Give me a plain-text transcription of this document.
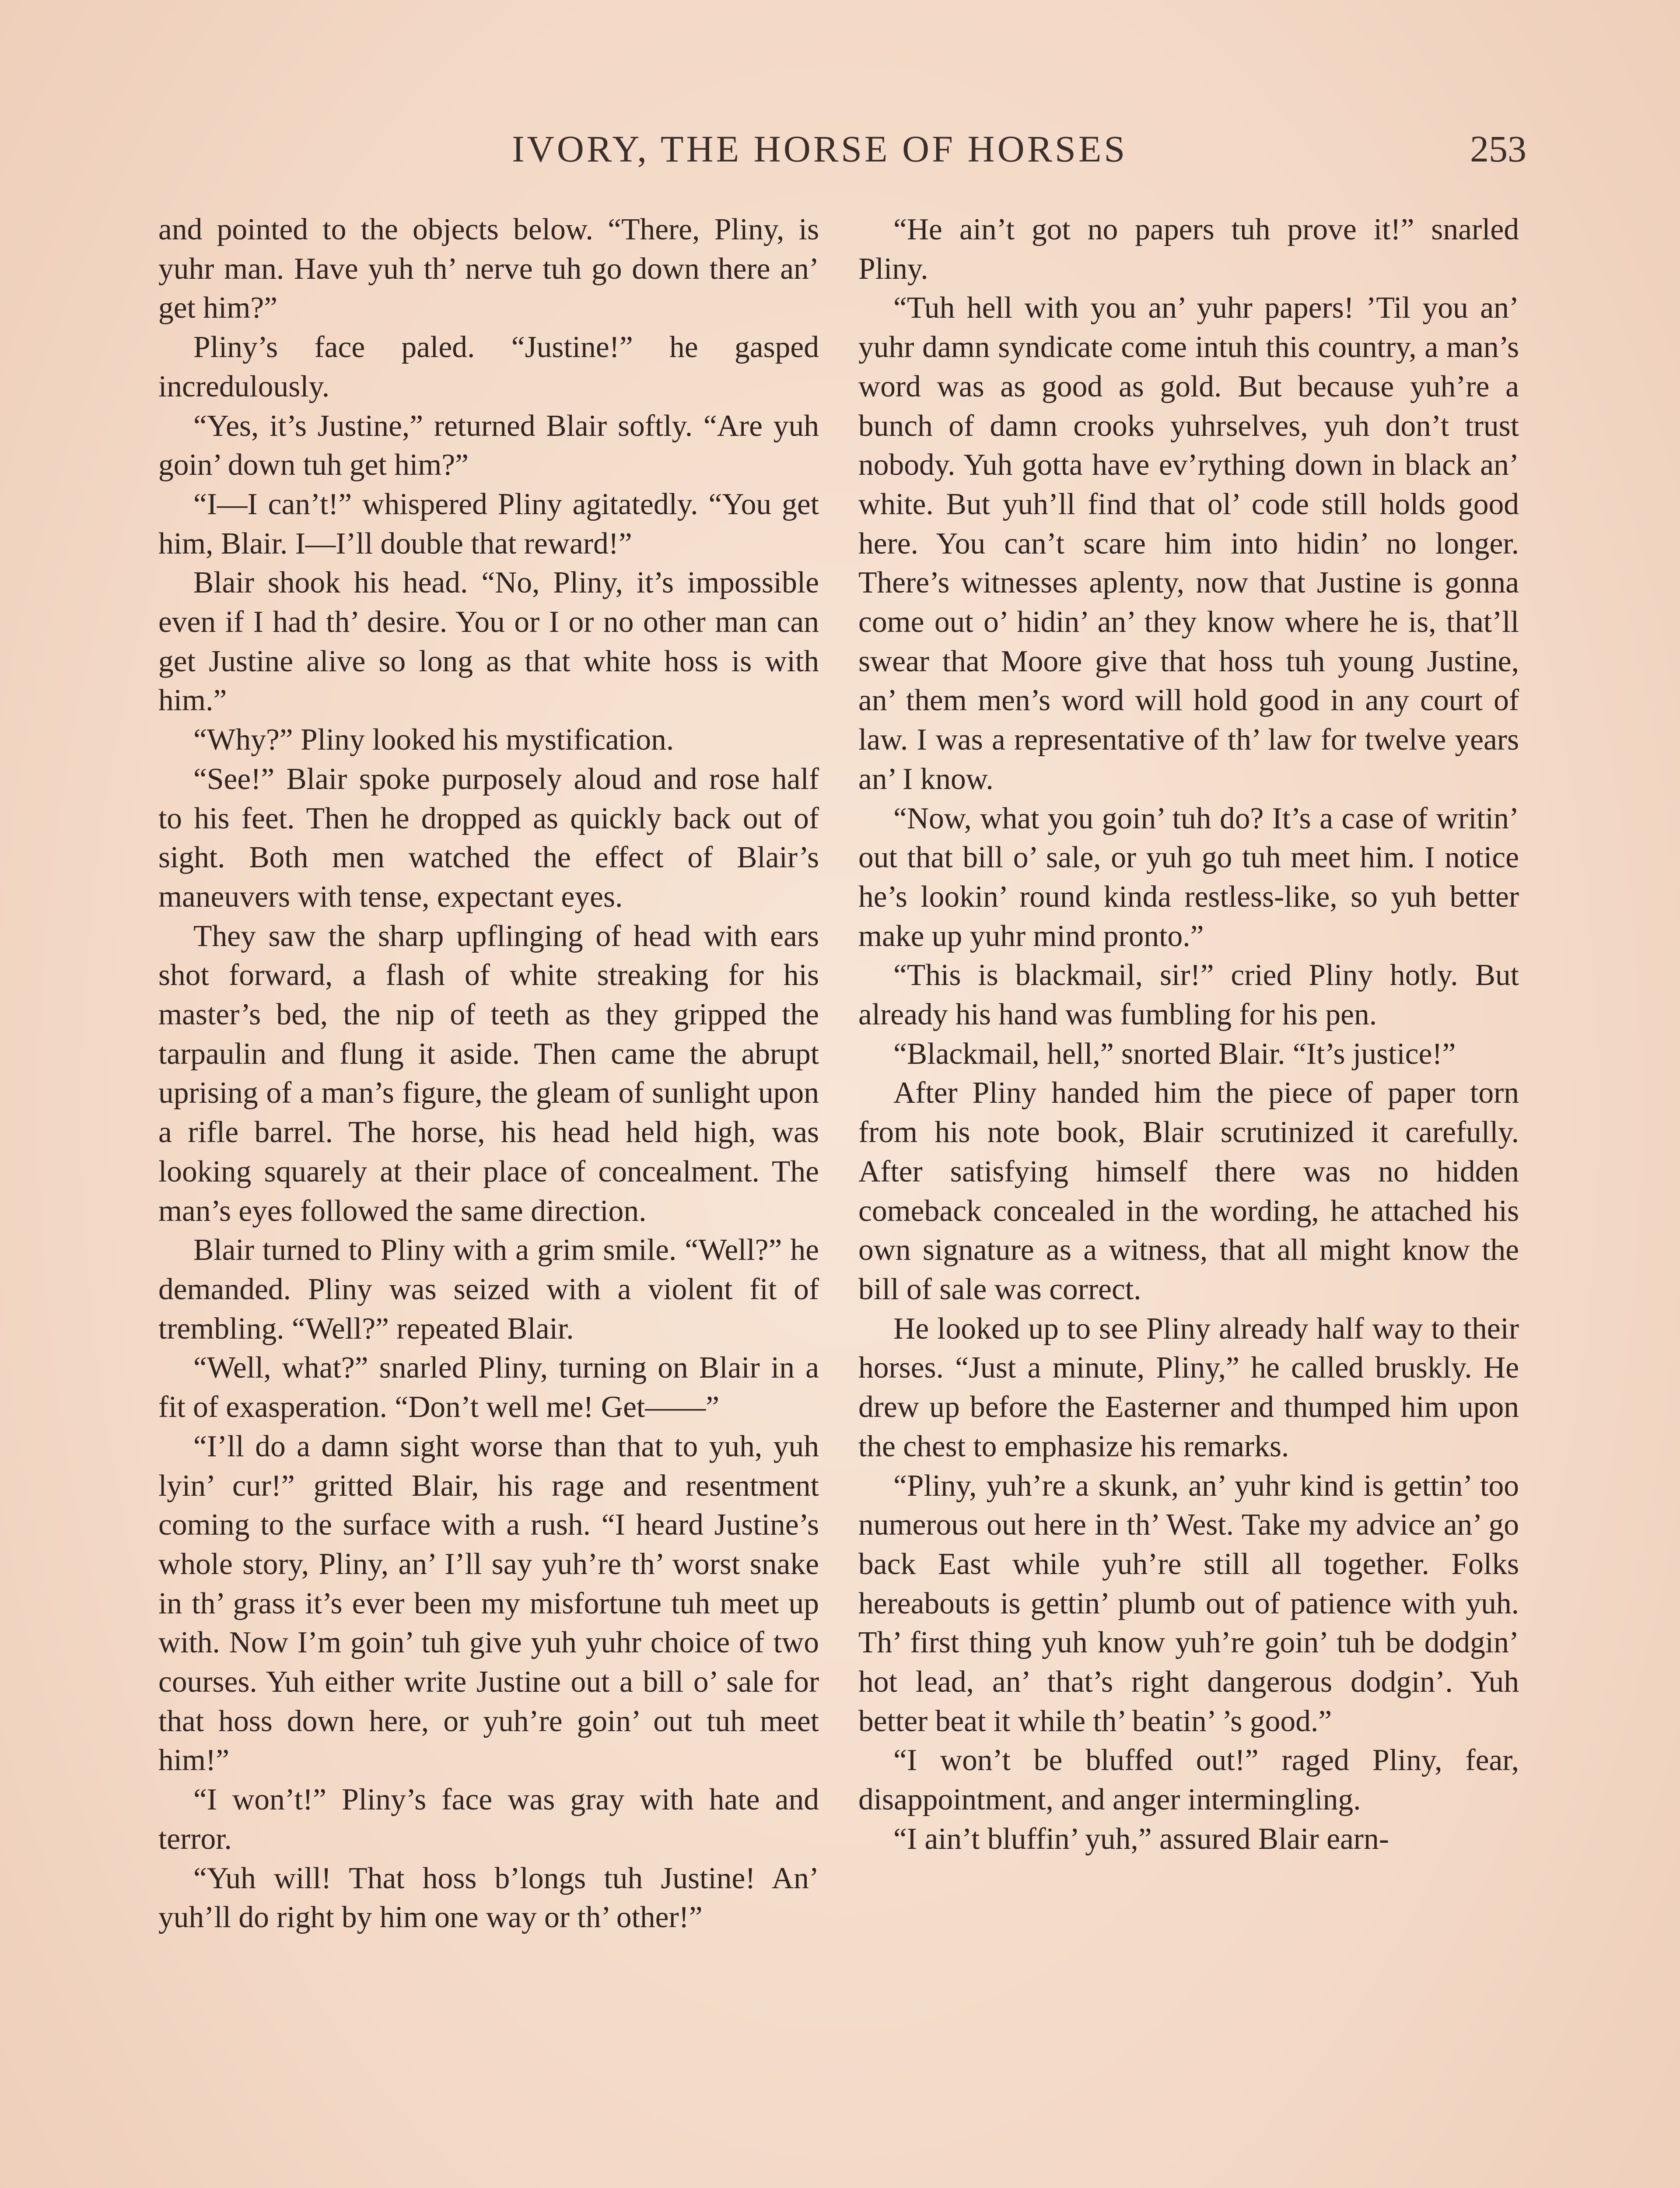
IVORY, THE HORSE OF HORSES	253

and pointed to the objects below. “There, Pliny, is yuhr man. Have yuh th’ nerve tuh go down there an’ get him?”

Pliny’s face paled. “Justine!” he gasped incredulously.

“Yes, it’s Justine,” returned Blair softly. “Are yuh goin’ down tuh get him?”

“I—I can’t!” whispered Pliny agitatedly. “You get him, Blair. I—I’ll double that reward!”

Blair shook his head. “No, Pliny, it’s impossible even if I had th’ desire. You or I or no other man can get Justine alive so long as that white hoss is with him.”

“Why?” Pliny looked his mystification.

“See!” Blair spoke purposely aloud and rose half to his feet. Then he dropped as quickly back out of sight. Both men watched the effect of Blair’s maneuvers with tense, expectant eyes.

They saw the sharp upflinging of head with ears shot forward, a flash of white streaking for his master’s bed, the nip of teeth as they gripped the tarpaulin and flung it aside. Then came the abrupt uprising of a man’s figure, the gleam of sunlight upon a rifle barrel. The horse, his head held high, was looking squarely at their place of concealment. The man’s eyes followed the same direction.

Blair turned to Pliny with a grim smile. “Well?” he demanded. Pliny was seized with a violent fit of trembling. “Well?” repeated Blair.

“Well, what?” snarled Pliny, turning on Blair in a fit of exasperation. “Don’t well me! Get——”

“I’ll do a damn sight worse than that to yuh, yuh lyin’ cur!” gritted Blair, his rage and resentment coming to the surface with a rush. “I heard Justine’s whole story, Pliny, an’ I’ll say yuh’re th’ worst snake in th’ grass it’s ever been my misfortune tuh meet up with. Now I’m goin’ tuh give yuh yuhr choice of two courses. Yuh either write Justine out a bill o’ sale for that hoss down here, or yuh’re goin’ out tuh meet him!”

“I won’t!” Pliny’s face was gray with hate and terror.

“Yuh will! That hoss b’longs tuh Justine! An’ yuh’ll do right by him one way or th’ other!”

“He ain’t got no papers tuh prove it!” snarled Pliny.

“Tuh hell with you an’ yuhr papers! ’Til you an’ yuhr damn syndicate come intuh this country, a man’s word was as good as gold. But because yuh’re a bunch of damn crooks yuhrselves, yuh don’t trust nobody. Yuh gotta have ev’rything down in black an’ white. But yuh’ll find that ol’ code still holds good here. You can’t scare him into hidin’ no longer. There’s witnesses aplenty, now that Justine is gonna come out o’ hidin’ an’ they know where he is, that’ll swear that Moore give that hoss tuh young Justine, an’ them men’s word will hold good in any court of law. I was a representative of th’ law for twelve years an’ I know.

“Now, what you goin’ tuh do? It’s a case of writin’ out that bill o’ sale, or yuh go tuh meet him. I notice he’s lookin’ round kinda restless-like, so yuh better make up yuhr mind pronto.”

“This is blackmail, sir!” cried Pliny hotly. But already his hand was fumbling for his pen.

“Blackmail, hell,” snorted Blair. “It’s justice!”

After Pliny handed him the piece of paper torn from his note book, Blair scrutinized it carefully. After satisfying himself there was no hidden comeback concealed in the wording, he attached his own signature as a witness, that all might know the bill of sale was correct.

He looked up to see Pliny already half way to their horses. “Just a minute, Pliny,” he called bruskly. He drew up before the Easterner and thumped him upon the chest to emphasize his remarks.

“Pliny, yuh’re a skunk, an’ yuhr kind is gettin’ too numerous out here in th’ West. Take my advice an’ go back East while yuh’re still all together. Folks hereabouts is gettin’ plumb out of patience with yuh. Th’ first thing yuh know yuh’re goin’ tuh be dodgin’ hot lead, an’ that’s right dangerous dodgin’. Yuh better beat it while th’ beatin’ ’s good.”

“I won’t be bluffed out!” raged Pliny, fear, disappointment, and anger intermingling.

“I ain’t bluffin’ yuh,” assured Blair earn-
